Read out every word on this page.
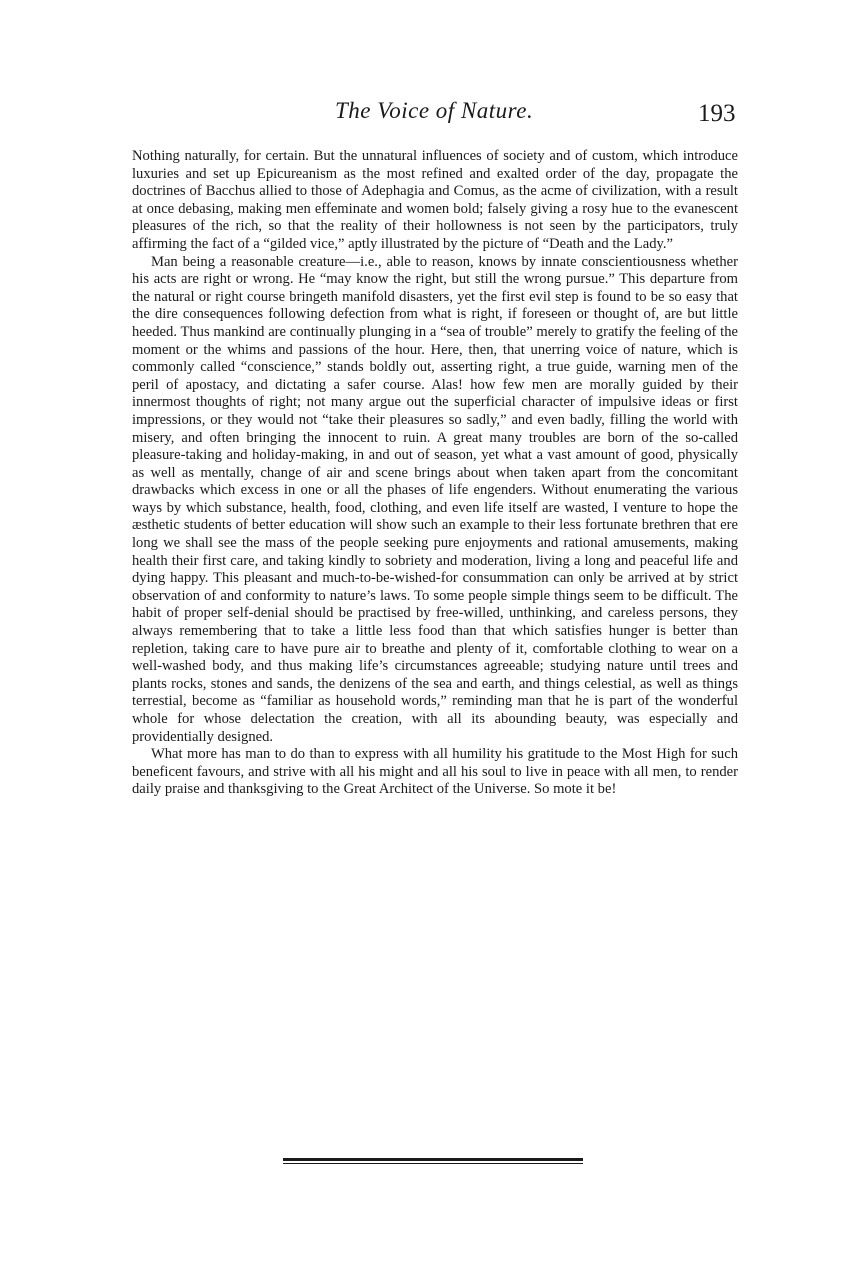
The Voice of Nature.	193

Nothing naturally, for certain. But the unnatural influences of society and of custom, which introduce luxuries and set up Epicureanism as the most refined and exalted order of the day, propagate the doctrines of Bacchus allied to those of Adephagia and Comus, as the acme of civilization, with a result at once debasing, making men effeminate and women bold; falsely giving a rosy hue to the evanescent pleasures of the rich, so that the reality of their hollowness is not seen by the participators, truly affirming the fact of a “gilded vice,” aptly illustrated by the picture of “Death and the Lady.”

Man being a reasonable creature—i.e., able to reason, knows by innate conscientiousness whether his acts are right or wrong. He “may know the right, but still the wrong pursue.” This departure from the natural or right course bringeth manifold disasters, yet the first evil step is found to be so easy that the dire consequences following defection from what is right, if foreseen or thought of, are but little heeded. Thus mankind are continually plunging in a “sea of trouble” merely to gratify the feeling of the moment or the whims and passions of the hour. Here, then, that unerring voice of nature, which is commonly called “conscience,” stands boldly out, asserting right, a true guide, warning men of the peril of apostacy, and dictating a safer course. Alas! how few men are morally guided by their innermost thoughts of right; not many argue out the superficial character of impulsive ideas or first impressions, or they would not “take their pleasures so sadly,” and even badly, filling the world with misery, and often bringing the innocent to ruin. A great many troubles are born of the so-called pleasure-taking and holiday-making, in and out of season, yet what a vast amount of good, physically as well as mentally, change of air and scene brings about when taken apart from the concomitant drawbacks which excess in one or all the phases of life engenders. Without enumerating the various ways by which substance, health, food, clothing, and even life itself are wasted, I venture to hope the æsthetic students of better education will show such an example to their less fortunate brethren that ere long we shall see the mass of the people seeking pure enjoyments and rational amusements, making health their first care, and taking kindly to sobriety and moderation, living a long and peaceful life and dying happy. This pleasant and much-to-be-wished-for consummation can only be arrived at by strict observation of and conformity to nature’s laws. To some people simple things seem to be difficult. The habit of proper self-denial should be practised by free-willed, unthinking, and careless persons, they always remembering that to take a little less food than that which satisfies hunger is better than repletion, taking care to have pure air to breathe and plenty of it, comfortable clothing to wear on a well-washed body, and thus making life’s circumstances agreeable; studying nature until trees and plants rocks, stones and sands, the denizens of the sea and earth, and things celestial, as well as things terrestial, become as “familiar as household words,” reminding man that he is part of the wonderful whole for whose delectation the creation, with all its abounding beauty, was especially and providentially designed.

What more has man to do than to express with all humility his gratitude to the Most High for such beneficent favours, and strive with all his might and all his soul to live in peace with all men, to render daily praise and thanksgiving to the Great Architect of the Universe. So mote it be!
